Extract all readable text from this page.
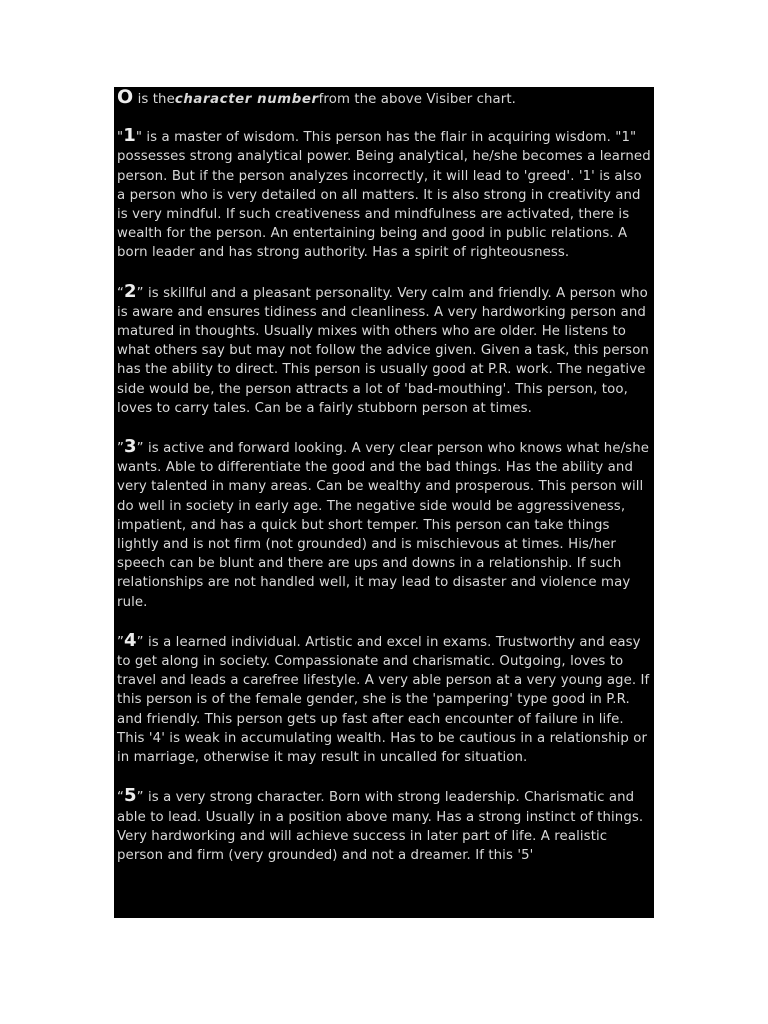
O is thecharacter numberfrom the above Visiber chart.

"1" is a master of wisdom. This person has the flair in acquiring wisdom. "1" possesses strong analytical power. Being analytical, he/she becomes a learned person. But if the person analyzes incorrectly, it will lead to 'greed'. '1' is also a person who is very detailed on all matters. It is also strong in creativity and is very mindful. If such creativeness and mindfulness are activated, there is wealth for the person. An entertaining being and good in public relations. A born leader and has strong authority. Has a spirit of righteousness.

“2” is skillful and a pleasant personality. Very calm and friendly. A person who is aware and ensures tidiness and cleanliness. A very hardworking person and matured in thoughts. Usually mixes with others who are older. He listens to what others say but may not follow the advice given. Given a task, this person has the ability to direct. This person is usually good at P.R. work. The negative side would be, the person attracts a lot of 'bad-mouthing'. This person, too, loves to carry tales. Can be a fairly stubborn person at times.

”3” is active and forward looking. A very clear person who knows what he/she wants. Able to differentiate the good and the bad things. Has the ability and very talented in many areas. Can be wealthy and prosperous. This person will do well in society in early age. The negative side would be aggressiveness, impatient, and has a quick but short temper. This person can take things lightly and is not firm (not grounded) and is mischievous at times. His/her speech can be blunt and there are ups and downs in a relationship. If such relationships are not handled well, it may lead to disaster and violence may rule.

”4” is a learned individual. Artistic and excel in exams. Trustworthy and easy to get along in society. Compassionate and charismatic. Outgoing, loves to travel and leads a carefree lifestyle. A very able person at a very young age. If this person is of the female gender, she is the 'pampering' type good in P.R. and friendly. This person gets up fast after each encounter of failure in life. This '4' is weak in accumulating wealth. Has to be cautious in a relationship or in marriage, otherwise it may result in uncalled for situation.

“5” is a very strong character. Born with strong leadership. Charismatic and able to lead. Usually in a position above many. Has a strong instinct of things. Very hardworking and will achieve success in later part of life. A realistic person and firm (very grounded) and not a dreamer. If this '5'
